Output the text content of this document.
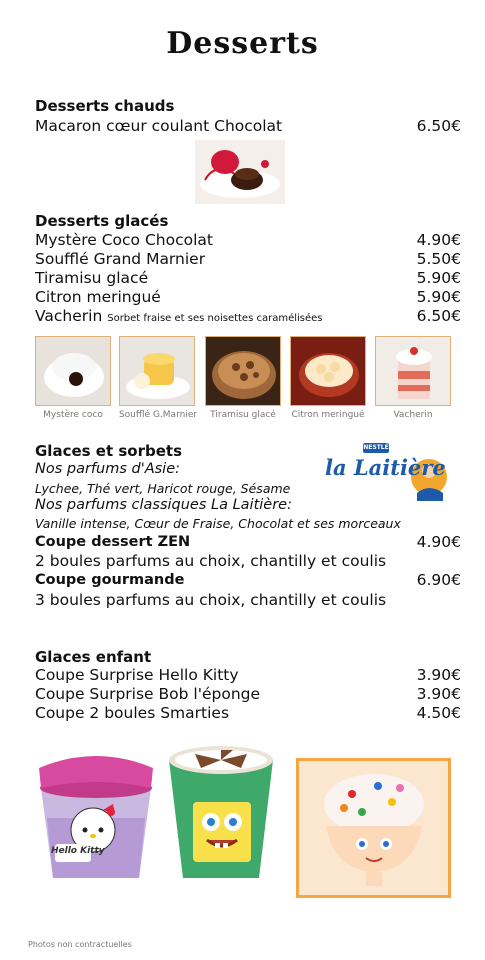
Desserts
Desserts chauds
Macaron cœur coulant Chocolat	6.50€
Desserts glacés
Mystère Coco Chocolat	4.90€
Soufflé Grand Marnier	5.50€
Tiramisu glacé	5.90€
Citron meringué	5.90€
Vacherin Sorbet fraise et ses noisettes caramélisées	6.50€
Mystère coco	Soufflé G.Marnier	Tiramisu glacé	Citron meringué	Vacherin
Glaces et sorbets
Nos parfums d'Asie:
Lychee, Thé vert, Haricot rouge, Sésame
Nos parfums classiques La Laitière:
Vanille intense, Cœur de Fraise, Chocolat et ses morceaux
NESTLÉ
la Laitière
Coupe dessert ZEN	4.90€
2 boules parfums au choix, chantilly et coulis
Coupe gourmande	6.90€
3 boules parfums au choix, chantilly et coulis
Glaces enfant
Coupe Surprise Hello Kitty	3.90€
Coupe Surprise Bob l'éponge	3.90€
Coupe 2 boules Smarties	4.50€
Hello Kitty
Photos non contractuelles
